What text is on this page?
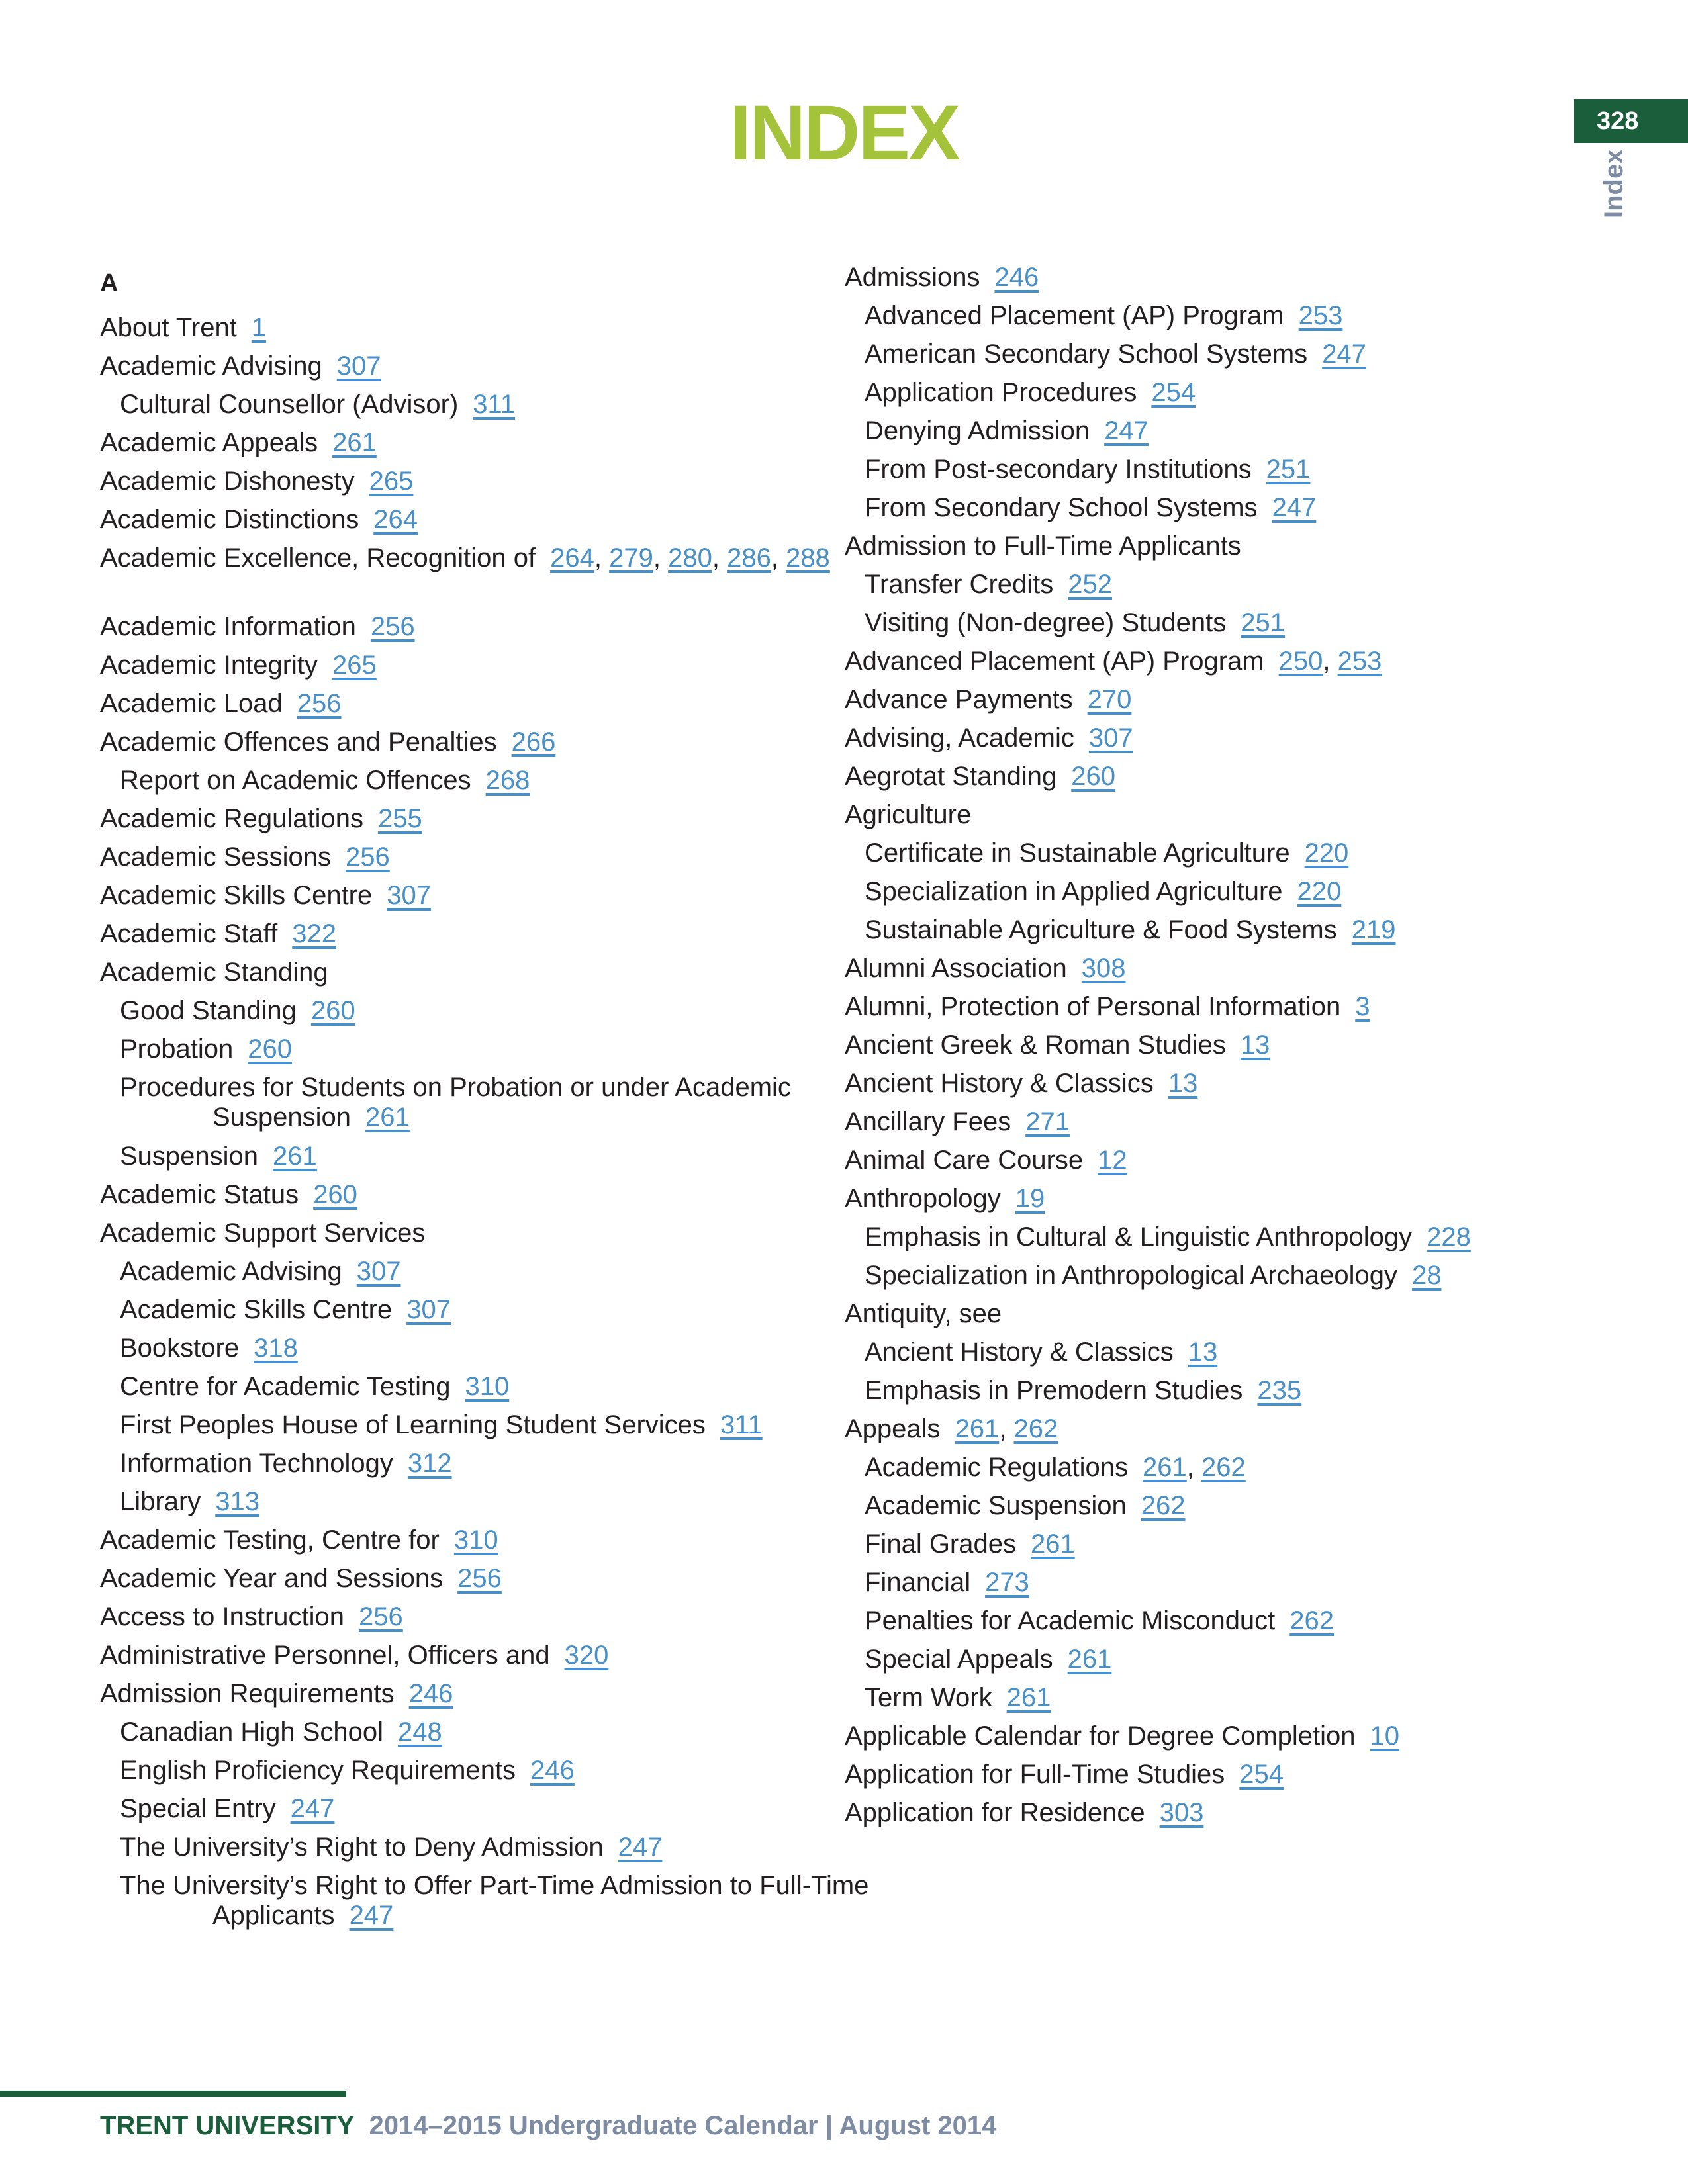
INDEX	328
Index
A
About Trent 1
Academic Advising 307
Cultural Counsellor (Advisor) 311
Academic Appeals 261
Academic Dishonesty 265
Academic Distinctions 264
Academic Excellence, Recognition of 264, 279, 280, 286, 288
Academic Information 256
Academic Integrity 265
Academic Load 256
Academic Offences and Penalties 266
Report on Academic Offences 268
Academic Regulations 255
Academic Sessions 256
Academic Skills Centre 307
Academic Staff 322
Academic Standing
Good Standing 260
Probation 260
Procedures for Students on Probation or under Academic Suspension 261
Suspension 261
Academic Status 260
Academic Support Services
Academic Advising 307
Academic Skills Centre 307
Bookstore 318
Centre for Academic Testing 310
First Peoples House of Learning Student Services 311
Information Technology 312
Library 313
Academic Testing, Centre for 310
Academic Year and Sessions 256
Access to Instruction 256
Administrative Personnel, Officers and 320
Admission Requirements 246
Canadian High School 248
English Proficiency Requirements 246
Special Entry 247
The University’s Right to Deny Admission 247
The University’s Right to Offer Part-Time Admission to Full-Time Applicants 247
Admissions 246
Advanced Placement (AP) Program 253
American Secondary School Systems 247
Application Procedures 254
Denying Admission 247
From Post-secondary Institutions 251
From Secondary School Systems 247
Admission to Full-Time Applicants
Transfer Credits 252
Visiting (Non-degree) Students 251
Advanced Placement (AP) Program 250, 253
Advance Payments 270
Advising, Academic 307
Aegrotat Standing 260
Agriculture
Certificate in Sustainable Agriculture 220
Specialization in Applied Agriculture 220
Sustainable Agriculture & Food Systems 219
Alumni Association 308
Alumni, Protection of Personal Information 3
Ancient Greek & Roman Studies 13
Ancient History & Classics 13
Ancillary Fees 271
Animal Care Course 12
Anthropology 19
Emphasis in Cultural & Linguistic Anthropology 228
Specialization in Anthropological Archaeology 28
Antiquity, see
Ancient History & Classics 13
Emphasis in Premodern Studies 235
Appeals 261, 262
Academic Regulations 261, 262
Academic Suspension 262
Final Grades 261
Financial 273
Penalties for Academic Misconduct 262
Special Appeals 261
Term Work 261
Applicable Calendar for Degree Completion 10
Application for Full-Time Studies 254
Application for Residence 303
TRENT UNIVERSITY 2014–2015 Undergraduate Calendar | August 2014
